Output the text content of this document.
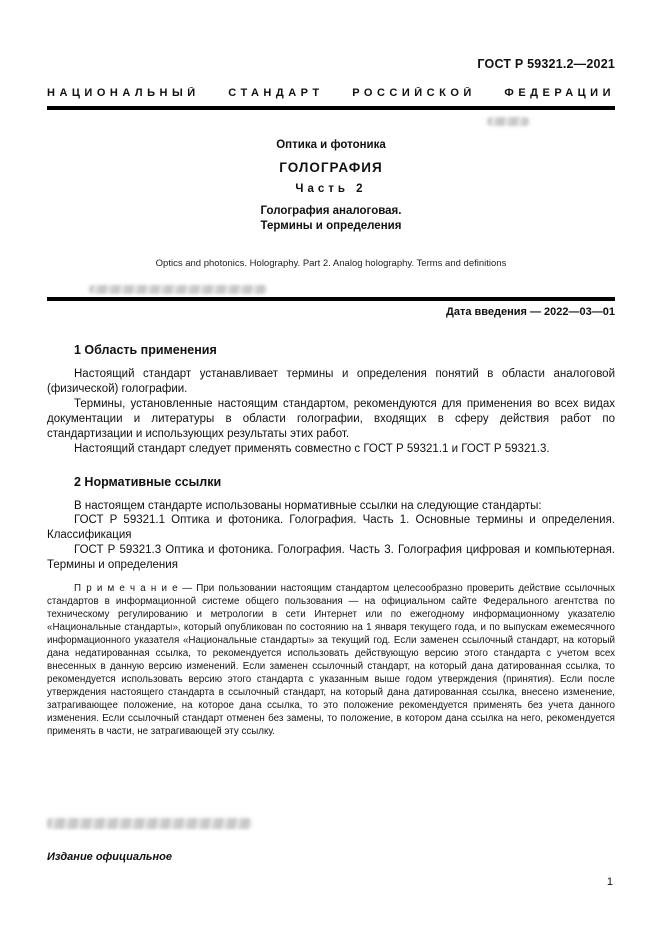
ГОСТ Р 59321.2—2021
НАЦИОНАЛЬНЫЙ СТАНДАРТ РОССИЙСКОЙ ФЕДЕРАЦИИ
Оптика и фотоника
ГОЛОГРАФИЯ
Часть 2
Голография аналоговая.
Термины и определения
Optics and photonics. Holography. Part 2. Analog holography. Terms and definitions
Дата введения — 2022—03—01
1 Область применения

Настоящий стандарт устанавливает термины и определения понятий в области аналоговой (физической) голографии.

Термины, установленные настоящим стандартом, рекомендуются для применения во всех видах документации и литературы в области голографии, входящих в сферу действия работ по стандартизации и использующих результаты этих работ.

Настоящий стандарт следует применять совместно с ГОСТ Р 59321.1 и ГОСТ Р 59321.3.

2 Нормативные ссылки

В настоящем стандарте использованы нормативные ссылки на следующие стандарты:

ГОСТ Р 59321.1 Оптика и фотоника. Голография. Часть 1. Основные термины и определения. Классификация

ГОСТ Р 59321.3 Оптика и фотоника. Голография. Часть 3. Голография цифровая и компьютерная. Термины и определения

П р и м е ч а н и е — При пользовании настоящим стандартом целесообразно проверить действие ссылочных стандартов в информационной системе общего пользования — на официальном сайте Федерального агентства по техническому регулированию и метрологии в сети Интернет или по ежегодному информационному указателю «Национальные стандарты», который опубликован по состоянию на 1 января текущего года, и по выпускам ежемесячного информационного указателя «Национальные стандарты» за текущий год. Если заменен ссылочный стандарт, на который дана недатированная ссылка, то рекомендуется использовать действующую версию этого стандарта с учетом всех внесенных в данную версию изменений. Если заменен ссылочный стандарт, на который дана датированная ссылка, то рекомендуется использовать версию этого стандарта с указанным выше годом утверждения (принятия). Если после утверждения настоящего стандарта в ссылочный стандарт, на который дана датированная ссылка, внесено изменение, затрагивающее положение, на которое дана ссылка, то это положение рекомендуется применять без учета данного изменения. Если ссылочный стандарт отменен без замены, то положение, в котором дана ссылка на него, рекомендуется применять в части, не затрагивающей эту ссылку.

Издание официальное
1
